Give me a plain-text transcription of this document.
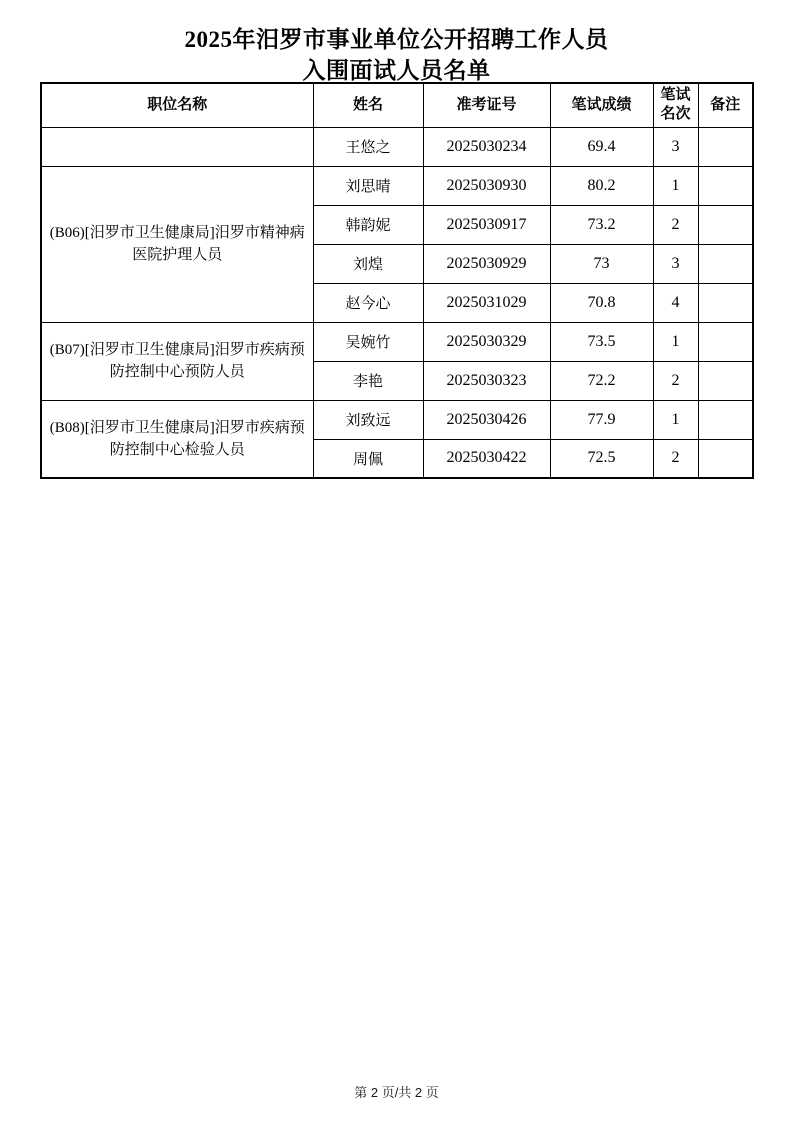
2025年汨罗市事业单位公开招聘工作人员
入围面试人员名单
职位名称	姓名	准考证号	笔试成绩	笔试名次	备注
	王悠之	2025030234	69.4	3	
(B06)[汨罗市卫生健康局]汨罗市精神病医院护理人员	刘思晴	2025030930	80.2	1	
	韩韵妮	2025030917	73.2	2	
	刘煌	2025030929	73	3	
	赵今心	2025031029	70.8	4	
(B07)[汨罗市卫生健康局]汨罗市疾病预防控制中心预防人员	吴婉竹	2025030329	73.5	1	
	李艳	2025030323	72.2	2	
(B08)[汨罗市卫生健康局]汨罗市疾病预防控制中心检验人员	刘致远	2025030426	77.9	1	
	周佩	2025030422	72.5	2	
第 2 页/共 2 页
